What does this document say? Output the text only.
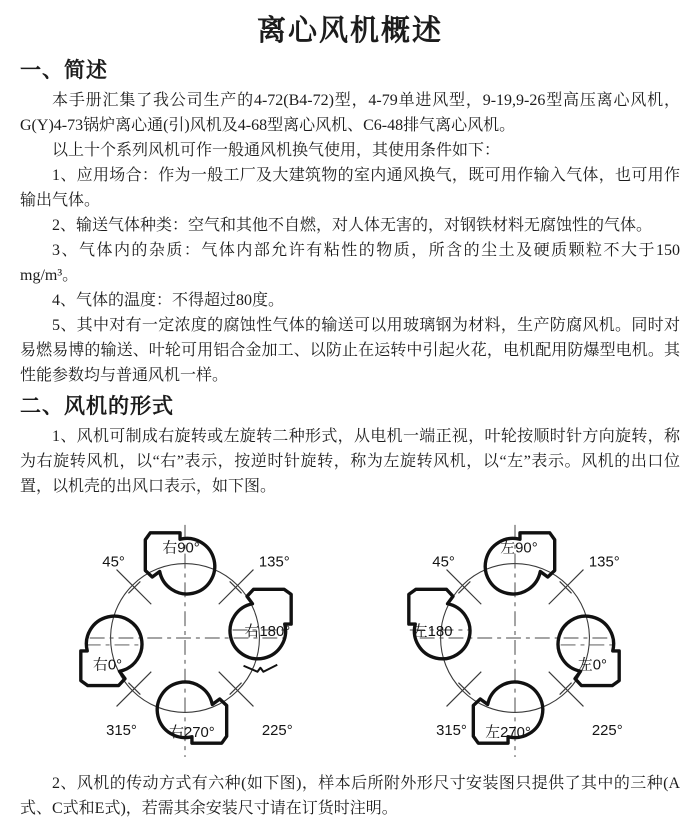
离心风机概述
一、简述

本手册汇集了我公司生产的4-72(B4-72)型，4-79单进风型，9-19,9-26型高压离心风机，G(Y)4-73锅炉离心通(引)风机及4-68型离心风机、C6-48排气离心风机。

以上十个系列风机可作一般通风机换气使用，其使用条件如下：

1、应用场合：作为一般工厂及大建筑物的室内通风换气，既可用作输入气体，也可用作输出气体。

2、输送气体种类：空气和其他不自燃，对人体无害的，对钢铁材料无腐蚀性的气体。

3、气体内的杂质：气体内部允许有粘性的物质，所含的尘土及硬质颗粒不大于150 mg/m³。

4、气体的温度：不得超过80度。

5、其中对有一定浓度的腐蚀性气体的输送可以用玻璃钢为材料，生产防腐风机。同时对易燃易博的输送、叶轮可用铝合金加工、以防止在运转中引起火花，电机配用防爆型电机。其性能参数均与普通风机一样。

二、风机的形式

1、风机可制成右旋转或左旋转二种形式，从电机一端正视，叶轮按顺时针方向旋转，称为右旋转风机，以“右”表示，按逆时针旋转，称为左旋转风机，以“左”表示。风机的出口位置，以机壳的出风口表示，如下图。

45°	135°
315°	225°
右90°
右180°
右270°
右0°
45°	135°
315°	225°
左90°
左180
左270°
左0°

2、风机的传动方式有六种(如下图)，样本后所附外形尺寸安装图只提供了其中的三种(A式、C式和E式)，若需其余安装尺寸请在订货时注明。
